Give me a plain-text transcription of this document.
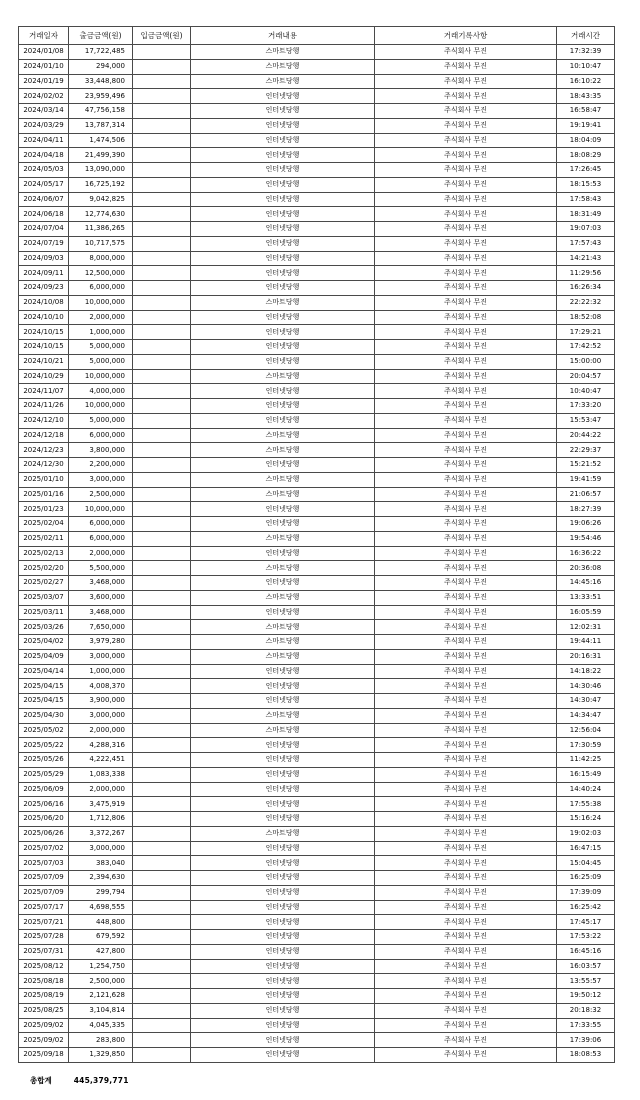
거래일자	출금금액(원)	입금금액(원)	거래내용	거래기록사항	거래시간
2024/01/08	17,722,485		스마트당행	주식회사 무진	17:32:39
2024/01/10	294,000		스마트당행	주식회사 무진	10:10:47
2024/01/19	33,448,800		스마트당행	주식회사 무진	16:10:22
2024/02/02	23,959,496		인터넷당행	주식회사 무진	18:43:35
2024/03/14	47,756,158		인터넷당행	주식회사 무진	16:58:47
2024/03/29	13,787,314		인터넷당행	주식회사 무진	19:19:41
2024/04/11	1,474,506		인터넷당행	주식회사 무진	18:04:09
2024/04/18	21,499,390		인터넷당행	주식회사 무진	18:08:29
2024/05/03	13,090,000		인터넷당행	주식회사 무진	17:26:45
2024/05/17	16,725,192		인터넷당행	주식회사 무진	18:15:53
2024/06/07	9,042,825		인터넷당행	주식회사 무진	17:58:43
2024/06/18	12,774,630		인터넷당행	주식회사 무진	18:31:49
2024/07/04	11,386,265		인터넷당행	주식회사 무진	19:07:03
2024/07/19	10,717,575		인터넷당행	주식회사 무진	17:57:43
2024/09/03	8,000,000		인터넷당행	주식회사 무진	14:21:43
2024/09/11	12,500,000		인터넷당행	주식회사 무진	11:29:56
2024/09/23	6,000,000		인터넷당행	주식회사 무진	16:26:34
2024/10/08	10,000,000		스마트당행	주식회사 무진	22:22:32
2024/10/10	2,000,000		인터넷당행	주식회사 무진	18:52:08
2024/10/15	1,000,000		인터넷당행	주식회사 무진	17:29:21
2024/10/15	5,000,000		인터넷당행	주식회사 무진	17:42:52
2024/10/21	5,000,000		인터넷당행	주식회사 무진	15:00:00
2024/10/29	10,000,000		스마트당행	주식회사 무진	20:04:57
2024/11/07	4,000,000		인터넷당행	주식회사 무진	10:40:47
2024/11/26	10,000,000		인터넷당행	주식회사 무진	17:33:20
2024/12/10	5,000,000		인터넷당행	주식회사 무진	15:53:47
2024/12/18	6,000,000		스마트당행	주식회사 무진	20:44:22
2024/12/23	3,800,000		스마트당행	주식회사 무진	22:29:37
2024/12/30	2,200,000		인터넷당행	주식회사 무진	15:21:52
2025/01/10	3,000,000		스마트당행	주식회사 무진	19:41:59
2025/01/16	2,500,000		스마트당행	주식회사 무진	21:06:57
2025/01/23	10,000,000		인터넷당행	주식회사 무진	18:27:39
2025/02/04	6,000,000		인터넷당행	주식회사 무진	19:06:26
2025/02/11	6,000,000		스마트당행	주식회사 무진	19:54:46
2025/02/13	2,000,000		인터넷당행	주식회사 무진	16:36:22
2025/02/20	5,500,000		스마트당행	주식회사 무진	20:36:08
2025/02/27	3,468,000		인터넷당행	주식회사 무진	14:45:16
2025/03/07	3,600,000		스마트당행	주식회사 무진	13:33:51
2025/03/11	3,468,000		인터넷당행	주식회사 무진	16:05:59
2025/03/26	7,650,000		스마트당행	주식회사 무진	12:02:31
2025/04/02	3,979,280		스마트당행	주식회사 무진	19:44:11
2025/04/09	3,000,000		스마트당행	주식회사 무진	20:16:31
2025/04/14	1,000,000		인터넷당행	주식회사 무진	14:18:22
2025/04/15	4,008,370		인터넷당행	주식회사 무진	14:30:46
2025/04/15	3,900,000		인터넷당행	주식회사 무진	14:30:47
2025/04/30	3,000,000		스마트당행	주식회사 무진	14:34:47
2025/05/02	2,000,000		스마트당행	주식회사 무진	12:56:04
2025/05/22	4,288,316		인터넷당행	주식회사 무진	17:30:59
2025/05/26	4,222,451		인터넷당행	주식회사 무진	11:42:25
2025/05/29	1,083,338		인터넷당행	주식회사 무진	16:15:49
2025/06/09	2,000,000		인터넷당행	주식회사 무진	14:40:24
2025/06/16	3,475,919		인터넷당행	주식회사 무진	17:55:38
2025/06/20	1,712,806		인터넷당행	주식회사 무진	15:16:24
2025/06/26	3,372,267		스마트당행	주식회사 무진	19:02:03
2025/07/02	3,000,000		인터넷당행	주식회사 무진	16:47:15
2025/07/03	383,040		인터넷당행	주식회사 무진	15:04:45
2025/07/09	2,394,630		인터넷당행	주식회사 무진	16:25:09
2025/07/09	299,794		인터넷당행	주식회사 무진	17:39:09
2025/07/17	4,698,555		인터넷당행	주식회사 무진	16:25:42
2025/07/21	448,800		인터넷당행	주식회사 무진	17:45:17
2025/07/28	679,592		인터넷당행	주식회사 무진	17:53:22
2025/07/31	427,800		인터넷당행	주식회사 무진	16:45:16
2025/08/12	1,254,750		인터넷당행	주식회사 무진	16:03:57
2025/08/18	2,500,000		인터넷당행	주식회사 무진	13:55:57
2025/08/19	2,121,628		인터넷당행	주식회사 무진	19:50:12
2025/08/25	3,104,814		인터넷당행	주식회사 무진	20:18:32
2025/09/02	4,045,335		인터넷당행	주식회사 무진	17:33:55
2025/09/02	283,800		인터넷당행	주식회사 무진	17:39:06
2025/09/18	1,329,850		인터넷당행	주식회사 무진	18:08:53
총합계	445,379,771
